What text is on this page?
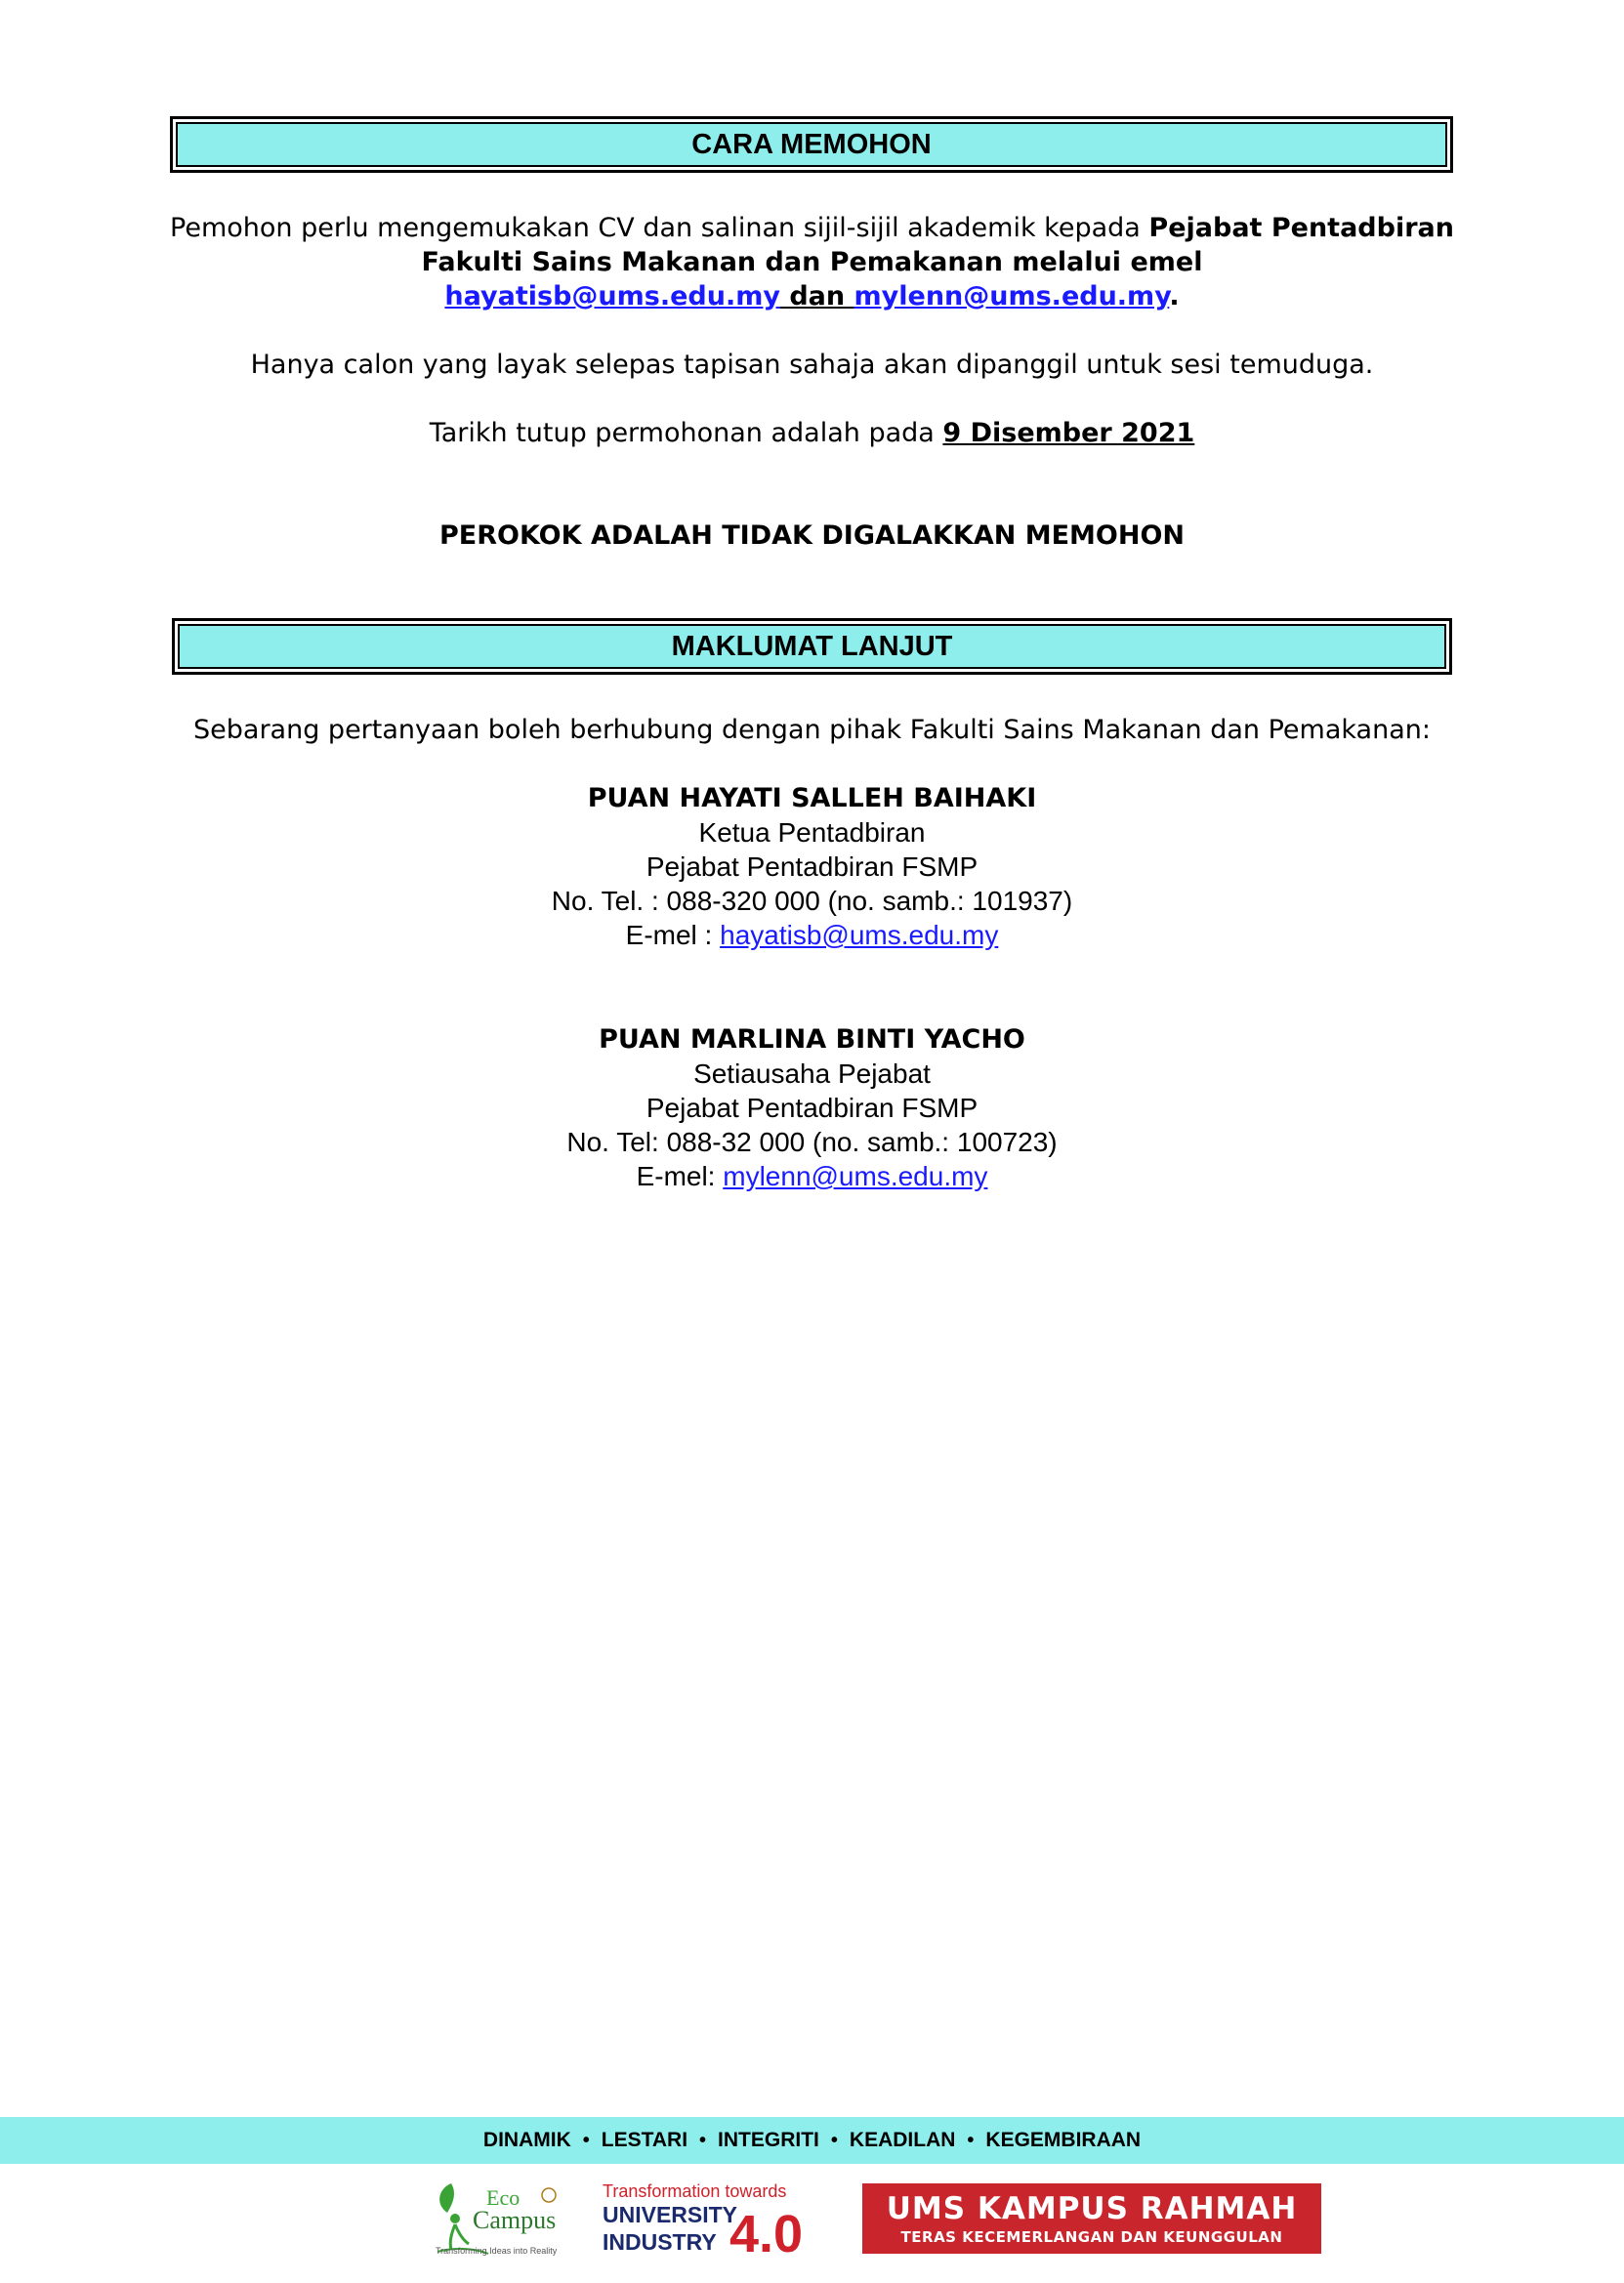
CARA MEMOHON
Pemohon perlu mengemukakan CV dan salinan sijil-sijil akademik kepada Pejabat Pentadbiran
Fakulti Sains Makanan dan Pemakanan melalui emel
hayatisb@ums.edu.my dan mylenn@ums.edu.my.
Hanya calon yang layak selepas tapisan sahaja akan dipanggil untuk sesi temuduga.
Tarikh tutup permohonan adalah pada 9 Disember 2021
PEROKOK ADALAH TIDAK DIGALAKKAN MEMOHON
MAKLUMAT LANJUT
Sebarang pertanyaan boleh berhubung dengan pihak Fakulti Sains Makanan dan Pemakanan:
PUAN HAYATI SALLEH BAIHAKI
Ketua Pentadbiran
Pejabat Pentadbiran FSMP
No. Tel. : 088-320 000 (no. samb.: 101937)
E-mel : hayatisb@ums.edu.my
PUAN MARLINA BINTI YACHO
Setiausaha Pejabat
Pejabat Pentadbiran FSMP
No. Tel: 088-32 000 (no. samb.: 100723)
E-mel: mylenn@ums.edu.my
DINAMIK • LESTARI • INTEGRITI • KEADILAN • KEGEMBIRAAN
Eco
Campus
Transforming Ideas into Reality
Transformation towards
UNIVERSITY
INDUSTRY 4.0	UMS KAMPUS RAHMAH
TERAS KECEMERLANGAN DAN KEUNGGULAN
